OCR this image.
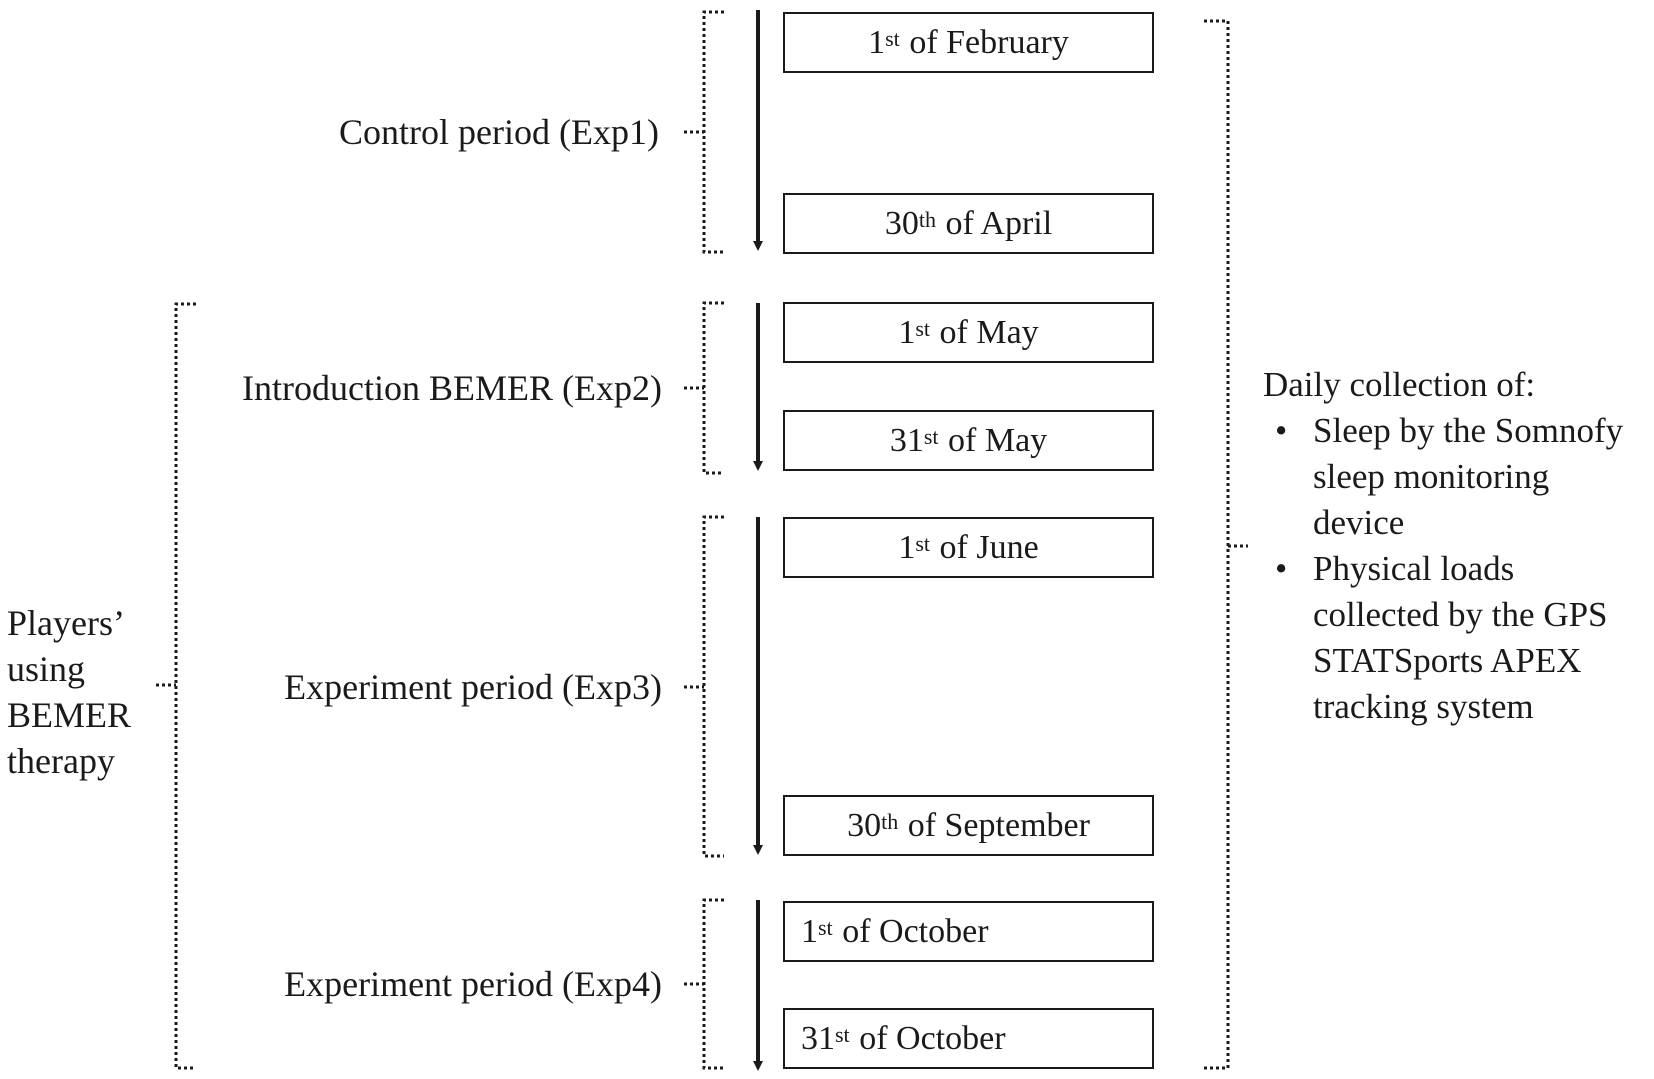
Control period (Exp1)
Introduction BEMER (Exp2)
Experiment period (Exp3)
Experiment period (Exp4)
1st of February
30th of April
1st of May
31st of May
1st of June
30th of September
1st of October
31st of October
Players’
using
BEMER
therapy
Daily collection of:
• Sleep by the Somnofy
sleep monitoring
device
• Physical loads
collected by the GPS
STATSports APEX
tracking system
